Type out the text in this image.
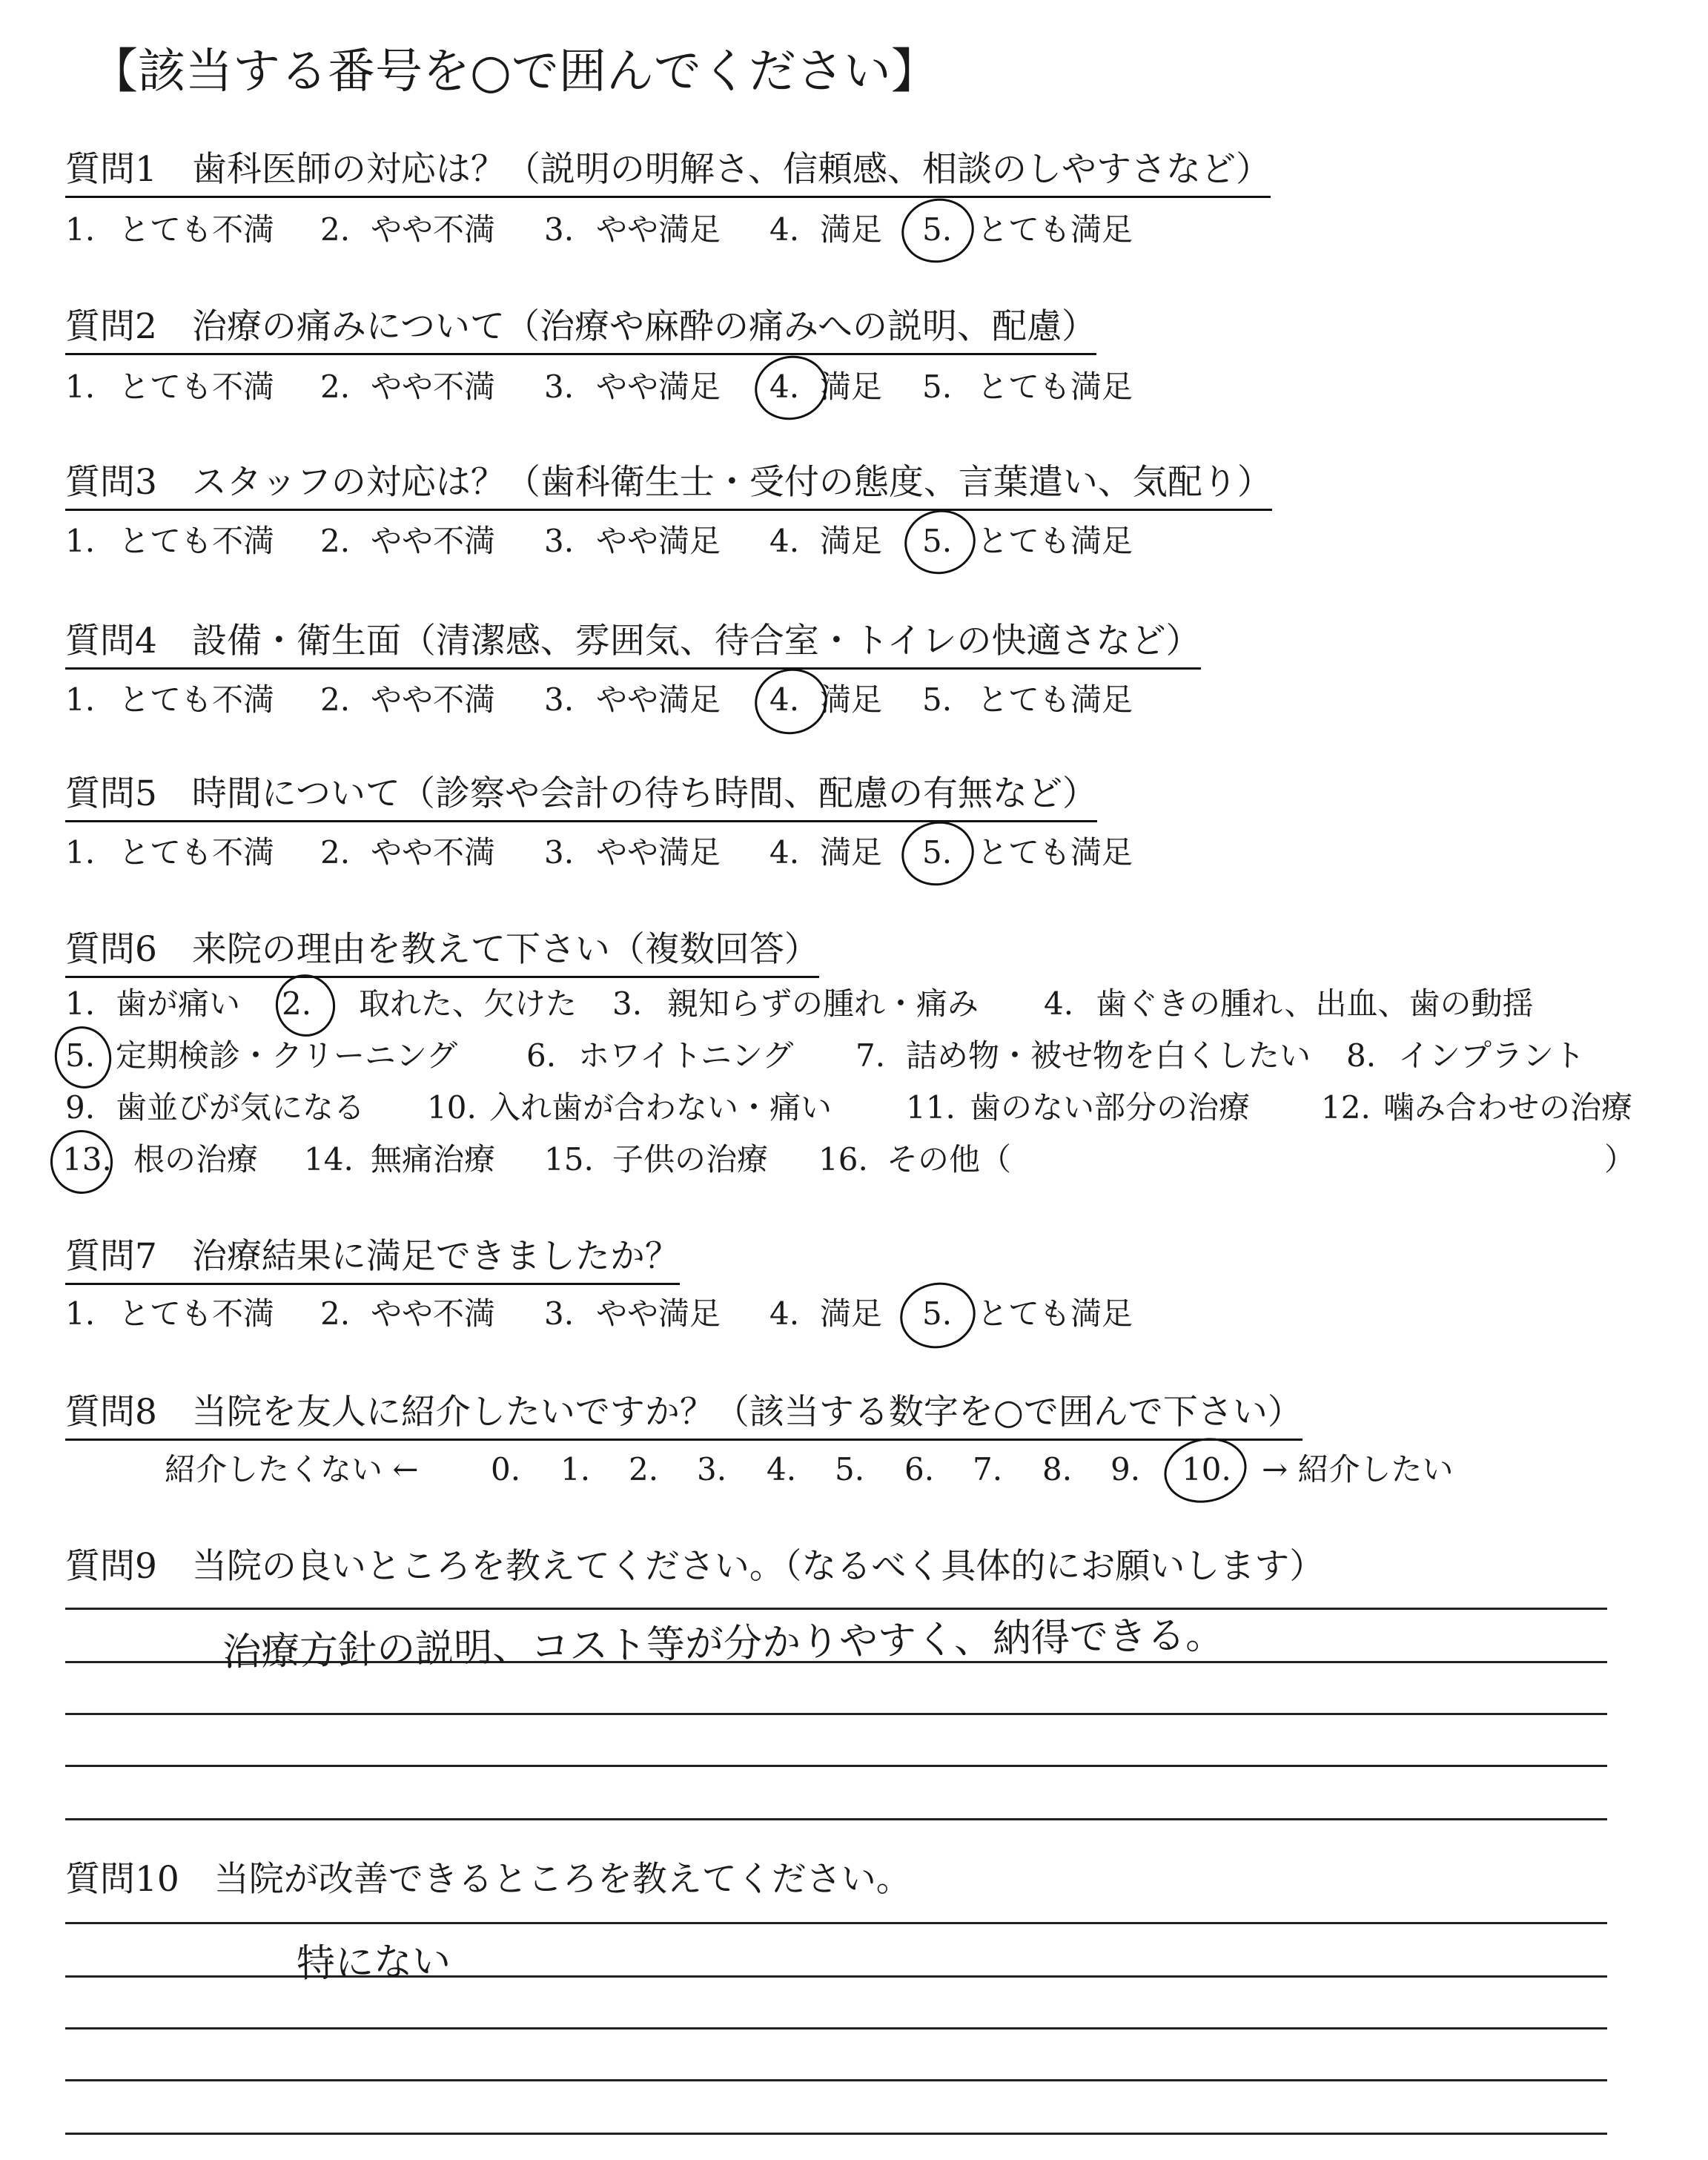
【該当する番号を○で囲んでください】
質問1　歯科医師の対応は？（説明の明解さ、信頼感、相談のしやすさなど）
1. とても不満 2. やや不満 3. やや満足 4. 満足 5. とても満足
質問2　治療の痛みについて（治療や麻酔の痛みへの説明、配慮）
1. とても不満 2. やや不満 3. やや満足 4. 満足 5. とても満足
質問3　スタッフの対応は？（歯科衛生士・受付の態度、言葉遣い、気配り）
1. とても不満 2. やや不満 3. やや満足 4. 満足 5. とても満足
質問4　設備・衛生面（清潔感、雰囲気、待合室・トイレの快適さなど）
1. とても不満 2. やや不満 3. やや満足 4. 満足 5. とても満足
質問5　時間について（診察や会計の待ち時間、配慮の有無など）
1. とても不満 2. やや不満 3. やや満足 4. 満足 5. とても満足
質問6　来院の理由を教えて下さい（複数回答）
1. 歯が痛い 2. 取れた、欠けた 3. 親知らずの腫れ・痛み 4. 歯ぐきの腫れ、出血、歯の動揺
5. 定期検診・クリーニング 6. ホワイトニング 7. 詰め物・被せ物を白くしたい 8. インプラント
9. 歯並びが気になる 10. 入れ歯が合わない・痛い 11. 歯のない部分の治療 12. 噛み合わせの治療
13. 根の治療 14. 無痛治療 15. 子供の治療 16. その他（	）
質問7　治療結果に満足できましたか？
1. とても不満 2. やや不満 3. やや満足 4. 満足 5. とても満足
質問8　当院を友人に紹介したいですか？（該当する数字を○で囲んで下さい）
紹介したくない ← 0. 1. 2. 3. 4. 5. 6. 7. 8. 9. 10. → 紹介したい
質問9　当院の良いところを教えてください。（なるべく具体的にお願いします）
治療方針の説明、コスト等が分かりやすく、納得できる。
質問10　当院が改善できるところを教えてください。
特にない
